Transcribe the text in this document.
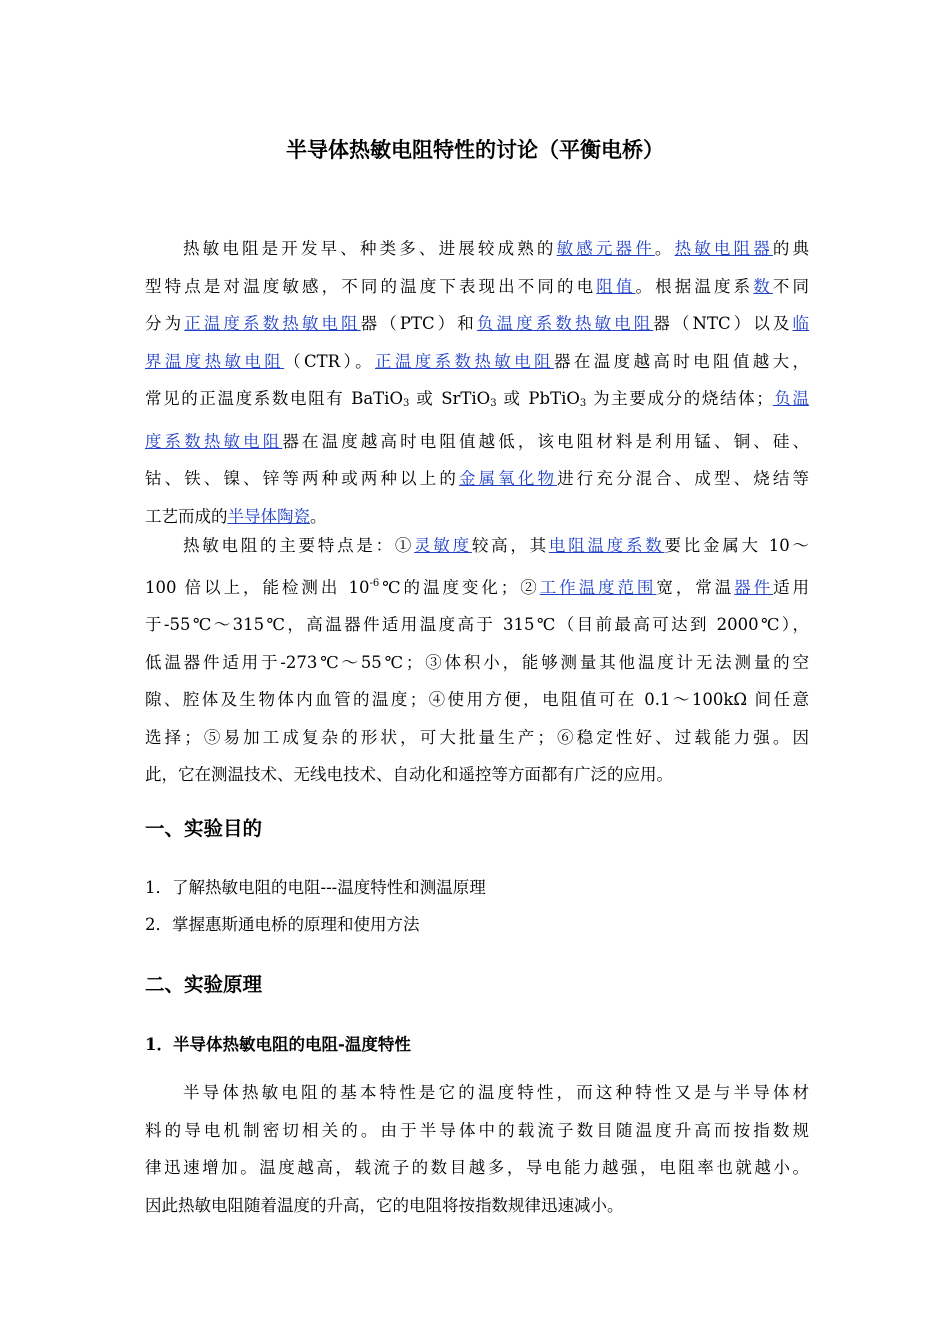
半导体热敏电阻特性的讨论（平衡电桥）
热敏电阻是开发早、种类多、进展较成熟的敏感元器件。热敏电阻器的典
型特点是对温度敏感，不同的温度下表现出不同的电阻值。根据温度系数不同
分为正温度系数热敏电阻器（PTC）和负温度系数热敏电阻器（NTC）以及临
界温度热敏电阻（CTR）。正温度系数热敏电阻器在温度越高时电阻值越大，
常见的正温度系数电阻有 BaTiO$_3$ 或 SrTiO$_3$ 或 PbTiO$_3$ 为主要成分的烧结体；负温
度系数热敏电阻器在温度越高时电阻值越低，该电阻材料是利用锰、铜、硅、
钴、铁、镍、锌等两种或两种以上的金属氧化物进行充分混合、成型、烧结等
工艺而成的半导体陶瓷。
热敏电阻的主要特点是：①灵敏度较高，其电阻温度系数要比金属大 10～
100 倍以上，能检测出 $10^{-6}℃$的温度变化；②工作温度范围宽，常温器件适用
于-55℃～315℃，高温器件适用温度高于 315℃（目前最高可达到 2000℃），
低温器件适用于-273℃～55℃；③体积小，能够测量其他温度计无法测量的空
隙、腔体及生物体内血管的温度；④使用方便，电阻值可在 0.1～100kΩ 间任意
选择；⑤易加工成复杂的形状，可大批量生产；⑥稳定性好、过载能力强。因
此，它在测温技术、无线电技术、自动化和遥控等方面都有广泛的应用。
一、实验目的

1．了解热敏电阻的电阻---温度特性和测温原理

2．掌握惠斯通电桥的原理和使用方法

二、实验原理
1．半导体热敏电阻的电阻-温度特性
半导体热敏电阻的基本特性是它的温度特性，而这种特性又是与半导体材
料的导电机制密切相关的。由于半导体中的载流子数目随温度升高而按指数规
律迅速增加。温度越高，载流子的数目越多，导电能力越强，电阻率也就越小。
因此热敏电阻随着温度的升高，它的电阻将按指数规律迅速减小。
